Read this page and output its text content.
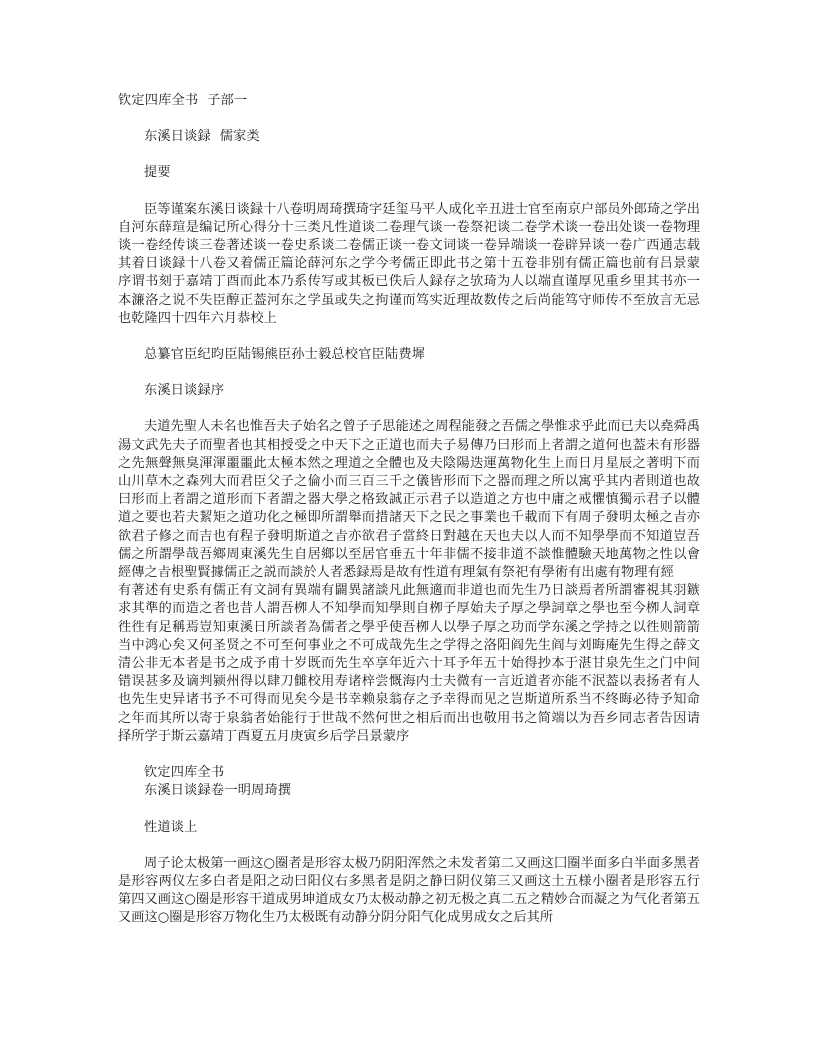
钦定四库全书  子部一
东溪日谈録  儒家类
提要

臣等谨案东溪日谈録十八卷明周琦撰琦字廷玺马平人成化辛丑进士官至南京户部员外郎琦之学出自河东薛瑄是编记所心得分十三类凡性道谈二卷理气谈一卷祭祀谈二卷学术谈一卷出处谈一卷物理谈一卷经传谈三卷著述谈一卷史系谈二卷儒正谈一卷文词谈一卷异端谈一卷辟异谈一卷广西通志载其着日谈録十八卷又着儒正篇论薛河东之学今考儒正即此书之第十五卷非别有儒正篇也前有吕景蒙序谓书刻于嘉靖丁酉而此本乃系传写或其板已佚后人録存之欤琦为人以端直谨厚见重乡里其书亦一本濂洛之说不失臣醇正葢河东之学虽或失之拘谨而笃实近理故数传之后尚能笃守师传不至放言无忌也乾隆四十四年六月恭校上

总纂官臣纪昀臣陆锡熊臣孙士毅总校官臣陆费墀
东溪日谈録序

夫道先聖人未名也惟吾夫子始名之曾子子思能述之周程能發之吾儒之學惟求乎此而已夫以堯舜禹湯文武先夫子而聖者也其相授受之中天下之正道也而夫子易傳乃曰形而上者謂之道何也葢未有形器之先無聲無臭渾渾噩噩此太極本然之理道之全體也及夫陰陽迭運萬物化生上而日月星辰之著明下而山川草木之森列大而君臣父子之倫小而三百三千之儀皆形而下之器而理之所以寓乎其内者則道也故曰形而上者謂之道形而下者謂之器大學之格致誠正示君子以造道之方也中庸之戒懼慎獨示君子以體道之要也若夫絜矩之道功化之極即所謂舉而措諸天下之民之事業也千載而下有周子發明太極之㫖亦欲君子修之而吉也有程子發明斯道之㫖亦欲君子當終日對越在天也夫以人而不知學學而不知道豈吾儒之所謂學哉吾鄉周東溪先生自居鄉以至居官垂五十年非儒不接非道不談惟體驗天地萬物之性以會經傳之㫖根聖賢據儒正之説而談於人者悉録焉是故有性道有理氣有祭祀有學術有出處有物理有經有著述有史系有儒正有文詞有異端有闢異諸談凡此無適而非道也而先生乃日談焉者所謂審視其羽鏃求其準的而造之者也昔人謂吾栁人不知學而知學則自栁子厚始夫子厚之學詞章之學也至今栁人詞章徃徃有足稱焉豈知東溪日所談者為儒者之學乎使吾栁人以學子厚之功而学东溪之学持之以徃则箭箭当中鸿心矣又何圣贤之不可至何事业之不可成哉先生之学得之洛阳阎先生阎与刘晦庵先生得之薛文清公非无本者是书之成予甫十岁既而先生卒享年近六十耳予年五十始得抄本于湛甘泉先生之门中间错误甚多及谪判颍州得以肆刀雠校用寿诸梓尝慨海内士夫微有一言近道者亦能不泯葢以表扬者有人也先生史异诸书予不可得而见矣今是书幸赖泉翁存之予幸得而见之岂斯道所系当不终晦必待予知命之年而其所以寄于泉翁者始能行于世哉不然何世之相后而出也敬用书之简端以为吾乡同志者告因请择所学于斯云嘉靖丁酉夏五月庚寅乡后学吕景蒙序

钦定四库全书
东溪日谈録卷一明周琦撰
性道谈上

周子论太极第一画这○圈者是形容太极乃阴阳浑然之未发者第二又画这囗圈半面多白半面多黑者是形容两仪左多白者是阳之动曰阳仪右多黑者是阴之静曰阴仪第三又画这土五様小圈者是形容五行第四又画这○圈是形容干道成男坤道成女乃太极动静之初无极之真二五之精妙合而凝之为气化者第五又画这○圈是形容万物化生乃太极既有动静分阴分阳气化成男成女之后其所
